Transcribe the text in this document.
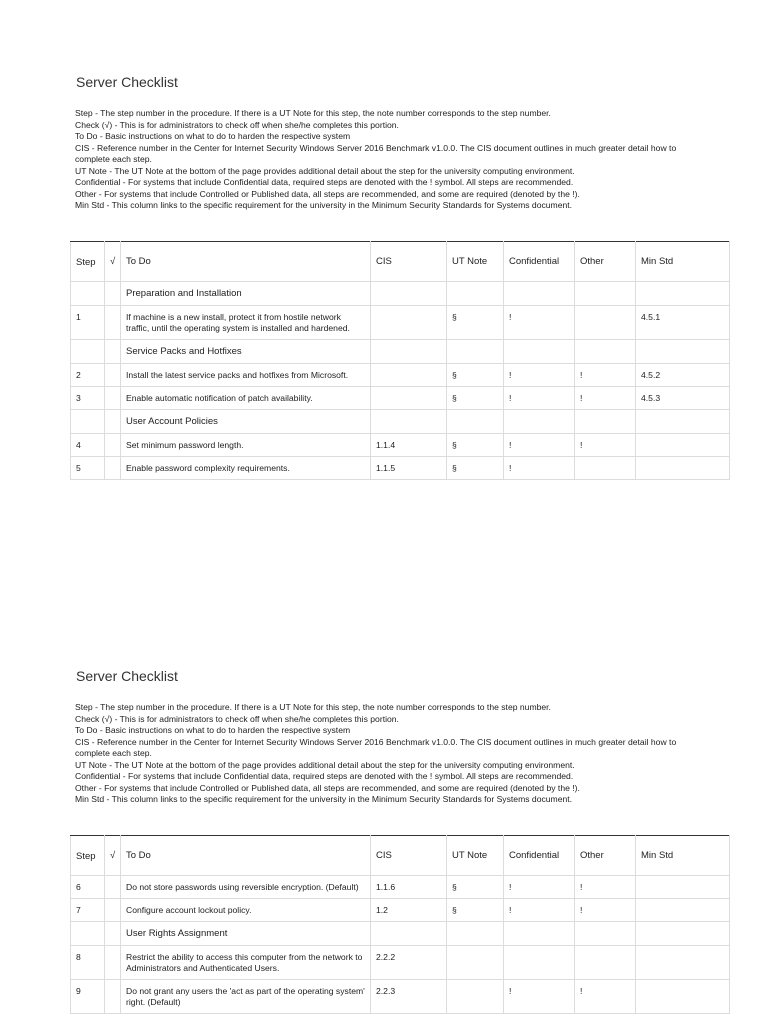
Server Checklist
Step - The step number in the procedure. If there is a UT Note for this step, the note number corresponds to the step number.
Check (√) - This is for administrators to check off when she/he completes this portion.
To Do - Basic instructions on what to do to harden the respective system
CIS - Reference number in the Center for Internet Security Windows Server 2016 Benchmark v1.0.0. The CIS document outlines in much greater detail how to complete each step.
UT Note - The UT Note at the bottom of the page provides additional detail about the step for the university computing environment.
Confidential - For systems that include Confidential data, required steps are denoted with the ! symbol. All steps are recommended.
Other - For systems that include Controlled or Published data, all steps are recommended, and some are required (denoted by the !).
Min Std - This column links to the specific requirement for the university in the Minimum Security Standards for Systems document.
Step	√	To Do	CIS	UT Note	Confidential	Other	Min Std
		Preparation and Installation					
1		If machine is a new install, protect it from hostile network traffic, until the operating system is installed and hardened.		§	!		4.5.1
		Service Packs and Hotfixes					
2		Install the latest service packs and hotfixes from Microsoft.		§	!	!	4.5.2
3		Enable automatic notification of patch availability.		§	!	!	4.5.3
		User Account Policies					
4		Set minimum password length.	1.1.4	§	!	!	
5		Enable password complexity requirements.	1.1.5	§	!		
Server Checklist
Step - The step number in the procedure. If there is a UT Note for this step, the note number corresponds to the step number.
Check (√) - This is for administrators to check off when she/he completes this portion.
To Do - Basic instructions on what to do to harden the respective system
CIS - Reference number in the Center for Internet Security Windows Server 2016 Benchmark v1.0.0. The CIS document outlines in much greater detail how to complete each step.
UT Note - The UT Note at the bottom of the page provides additional detail about the step for the university computing environment.
Confidential - For systems that include Confidential data, required steps are denoted with the ! symbol. All steps are recommended.
Other - For systems that include Controlled or Published data, all steps are recommended, and some are required (denoted by the !).
Min Std - This column links to the specific requirement for the university in the Minimum Security Standards for Systems document.
Step	√	To Do	CIS	UT Note	Confidential	Other	Min Std
6		Do not store passwords using reversible encryption. (Default)	1.1.6	§	!	!	
7		Configure account lockout policy.	1.2	§	!	!	
		User Rights Assignment					
8		Restrict the ability to access this computer from the network to Administrators and Authenticated Users.	2.2.2				
9		Do not grant any users the 'act as part of the operating system' right. (Default)	2.2.3		!	!	
